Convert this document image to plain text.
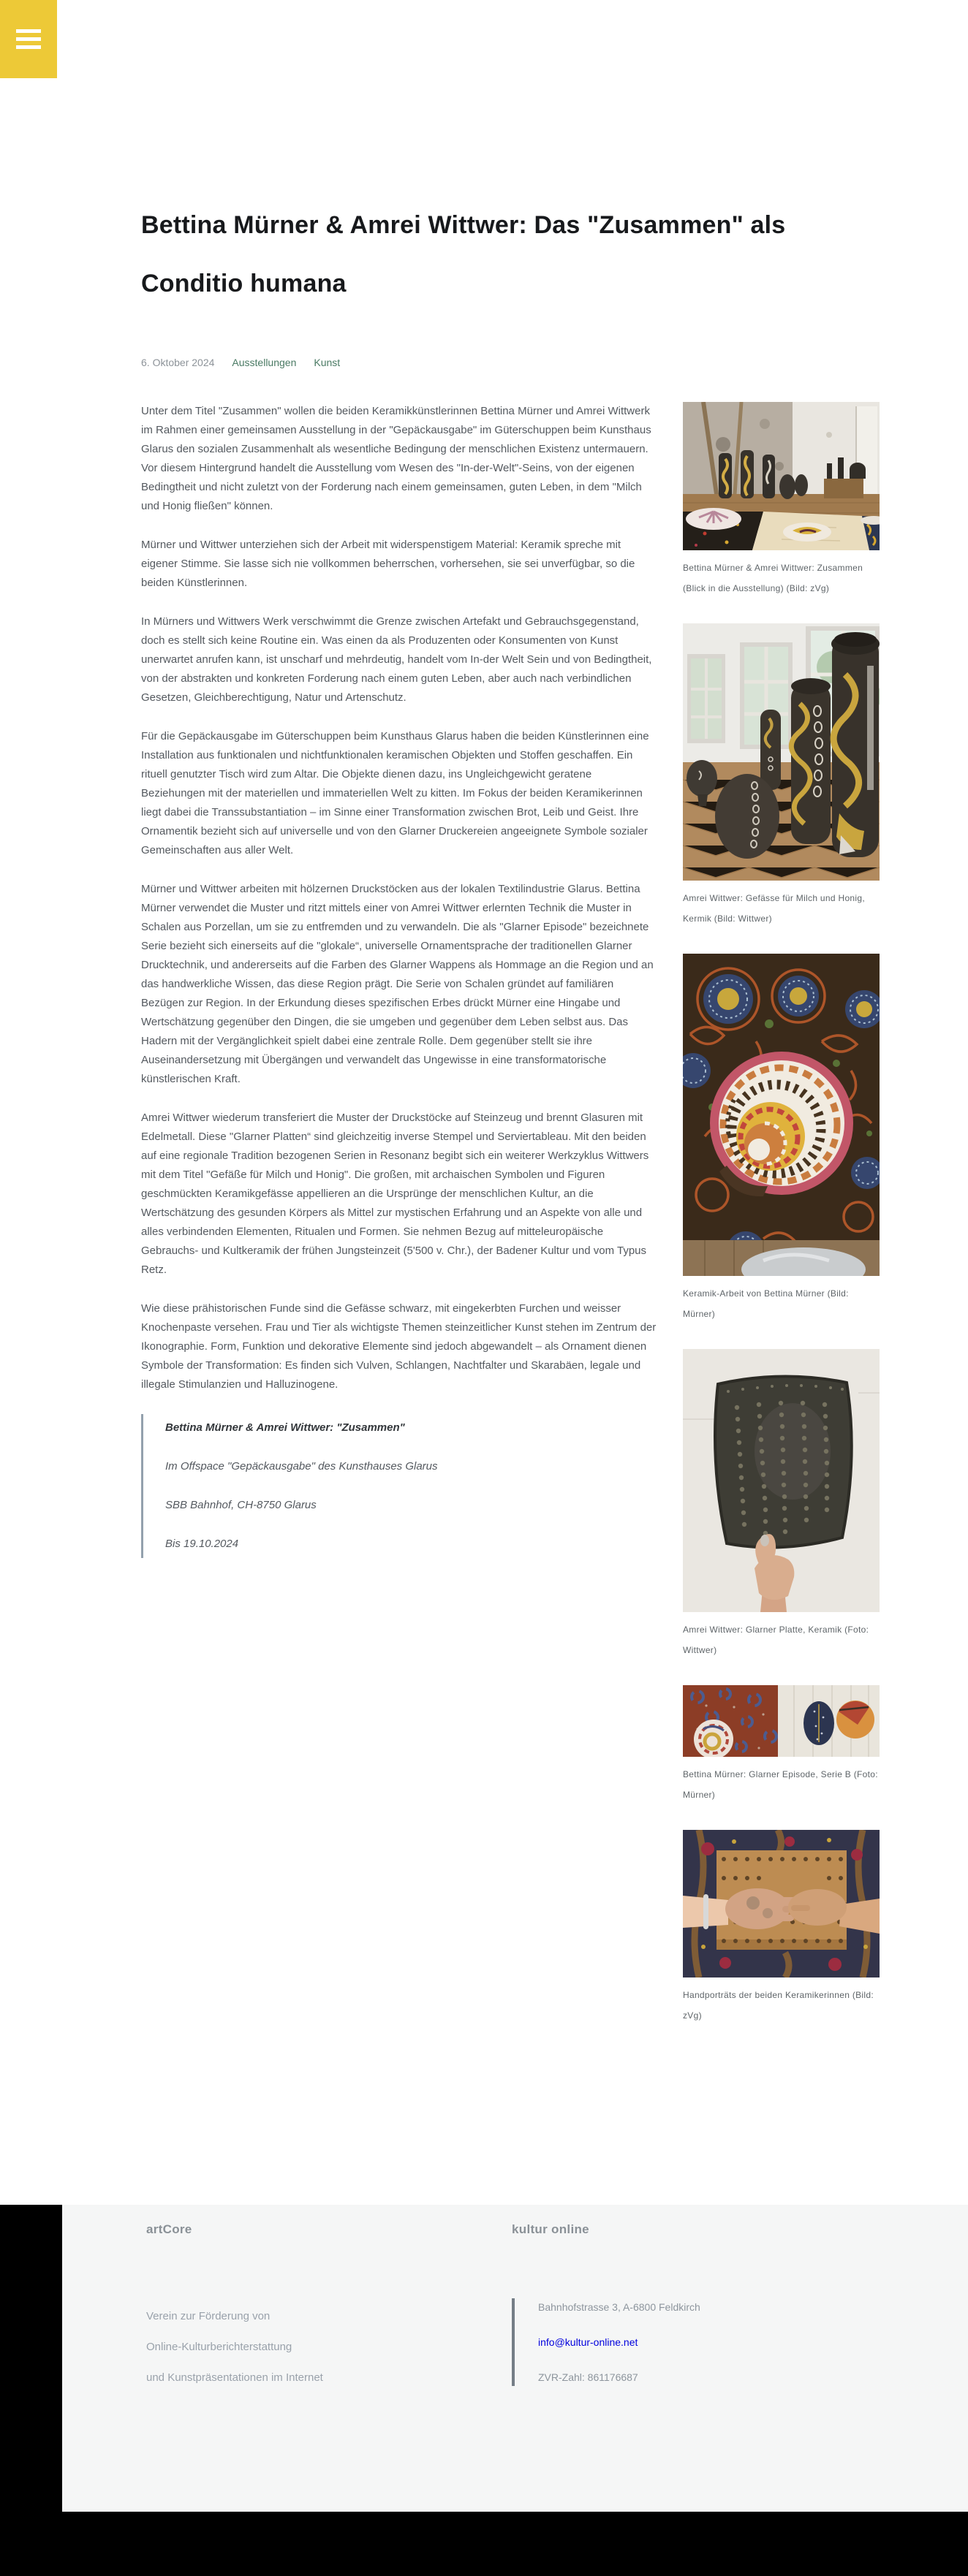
Bettina Mürner & Amrei Wittwer: Das "Zusammen" als Conditio humana
6. Oktober 2024 Ausstellungen Kunst

Unter dem Titel "Zusammen" wollen die beiden Keramikkünstlerinnen Bettina Mürner und Amrei Wittwerk im Rahmen einer gemeinsamen Ausstellung in der "Gepäckausgabe" im Güterschuppen beim Kunsthaus Glarus den sozialen Zusammenhalt als wesentliche Bedingung der menschlichen Existenz untermauern. Vor diesem Hintergrund handelt die Ausstellung vom Wesen des "In-der-Welt"-Seins, von der eigenen Bedingtheit und nicht zuletzt von der Forderung nach einem gemeinsamen, guten Leben, in dem "Milch und Honig fließen" können.

Mürner und Wittwer unterziehen sich der Arbeit mit widerspenstigem Material: Keramik spreche mit eigener Stimme. Sie lasse sich nie vollkommen beherrschen, vorhersehen, sie sei unverfügbar, so die beiden Künstlerinnen.

In Mürners und Wittwers Werk verschwimmt die Grenze zwischen Artefakt und Gebrauchsgegenstand, doch es stellt sich keine Routine ein. Was einen da als Produzenten oder Konsumenten von Kunst unerwartet anrufen kann, ist unscharf und mehrdeutig, handelt vom In-der Welt Sein und von Bedingtheit, von der abstrakten und konkreten Forderung nach einem guten Leben, aber auch nach verbindlichen Gesetzen, Gleichberechtigung, Natur und Artenschutz.

Für die Gepäckausgabe im Güterschuppen beim Kunsthaus Glarus haben die beiden Künstlerinnen eine Installation aus funktionalen und nichtfunktionalen keramischen Objekten und Stoffen geschaffen. Ein rituell genutzter Tisch wird zum Altar. Die Objekte dienen dazu, ins Ungleichgewicht geratene Beziehungen mit der materiellen und immateriellen Welt zu kitten. Im Fokus der beiden Keramikerinnen liegt dabei die Transsubstantiation – im Sinne einer Transformation zwischen Brot, Leib und Geist. Ihre Ornamentik bezieht sich auf universelle und von den Glarner Druckereien angeeignete Symbole sozialer Gemeinschaften aus aller Welt.

Mürner und Wittwer arbeiten mit hölzernen Druckstöcken aus der lokalen Textilindustrie Glarus. Bettina Mürner verwendet die Muster und ritzt mittels einer von Amrei Wittwer erlernten Technik die Muster in Schalen aus Porzellan, um sie zu entfremden und zu verwandeln. Die als "Glarner Episode" bezeichnete Serie bezieht sich einerseits auf die "glokale“, universelle Ornamentsprache der traditionellen Glarner Drucktechnik, und andererseits auf die Farben des Glarner Wappens als Hommage an die Region und an das handwerkliche Wissen, das diese Region prägt. Die Serie von Schalen gründet auf familiären Bezügen zur Region. In der Erkundung dieses spezifischen Erbes drückt Mürner eine Hingabe und Wertschätzung gegenüber den Dingen, die sie umgeben und gegenüber dem Leben selbst aus. Das Hadern mit der Vergänglichkeit spielt dabei eine zentrale Rolle. Dem gegenüber stellt sie ihre Auseinandersetzung mit Übergängen und verwandelt das Ungewisse in eine transformatorische künstlerischen Kraft.

Amrei Wittwer wiederum transferiert die Muster der Druckstöcke auf Steinzeug und brennt Glasuren mit Edelmetall. Diese "Glarner Platten“ sind gleichzeitig inverse Stempel und Serviertableau. Mit den beiden auf eine regionale Tradition bezogenen Serien in Resonanz begibt sich ein weiterer Werkzyklus Wittwers mit dem Titel "Gefäße für Milch und Honig". Die großen, mit archaischen Symbolen und Figuren geschmückten Keramikgefässe appellieren an die Ursprünge der menschlichen Kultur, an die Wertschätzung des gesunden Körpers als Mittel zur mystischen Erfahrung und an Aspekte von alle und alles verbindenden Elementen, Ritualen und Formen. Sie nehmen Bezug auf mitteleuropäische Gebrauchs- und Kultkeramik der frühen Jungsteinzeit (5'500 v. Chr.), der Badener Kultur und vom Typus Retz.

Wie diese prähistorischen Funde sind die Gefässe schwarz, mit eingekerbten Furchen und weisser Knochenpaste versehen. Frau und Tier als wichtigste Themen steinzeitlicher Kunst stehen im Zentrum der Ikonographie. Form, Funktion und dekorative Elemente sind jedoch abgewandelt – als Ornament dienen Symbole der Transformation: Es finden sich Vulven, Schlangen, Nachtfalter und Skarabäen, legale und illegale Stimulanzien und Halluzinogene.

Bettina Mürner & Amrei Wittwer: "Zusammen"

Im Offspace "Gepäckausgabe" des Kunsthauses Glarus

SBB Bahnhof, CH-8750 Glarus

Bis 19.10.2024

Bettina Mürner & Amrei Wittwer: Zusammen (Blick in die Ausstellung) (Bild: zVg)
Amrei Wittwer: Gefässe für Milch und Honig, Kermik (Bild: Wittwer)
Keramik-Arbeit von Bettina Mürner (Bild: Mürner)
Amrei Wittwer: Glarner Platte, Keramik (Foto: Wittwer)
Bettina Mürner: Glarner Episode, Serie B (Foto: Mürner)
Handporträts der beiden Keramikerinnen (Bild: zVg)
artCore
Verein zur Förderung von
Online-Kulturberichterstattung
und Kunstpräsentationen im Internet
kultur online
Bahnhofstrasse 3, A-6800 Feldkirch
info@kultur-online.net
ZVR-Zahl: 861176687
